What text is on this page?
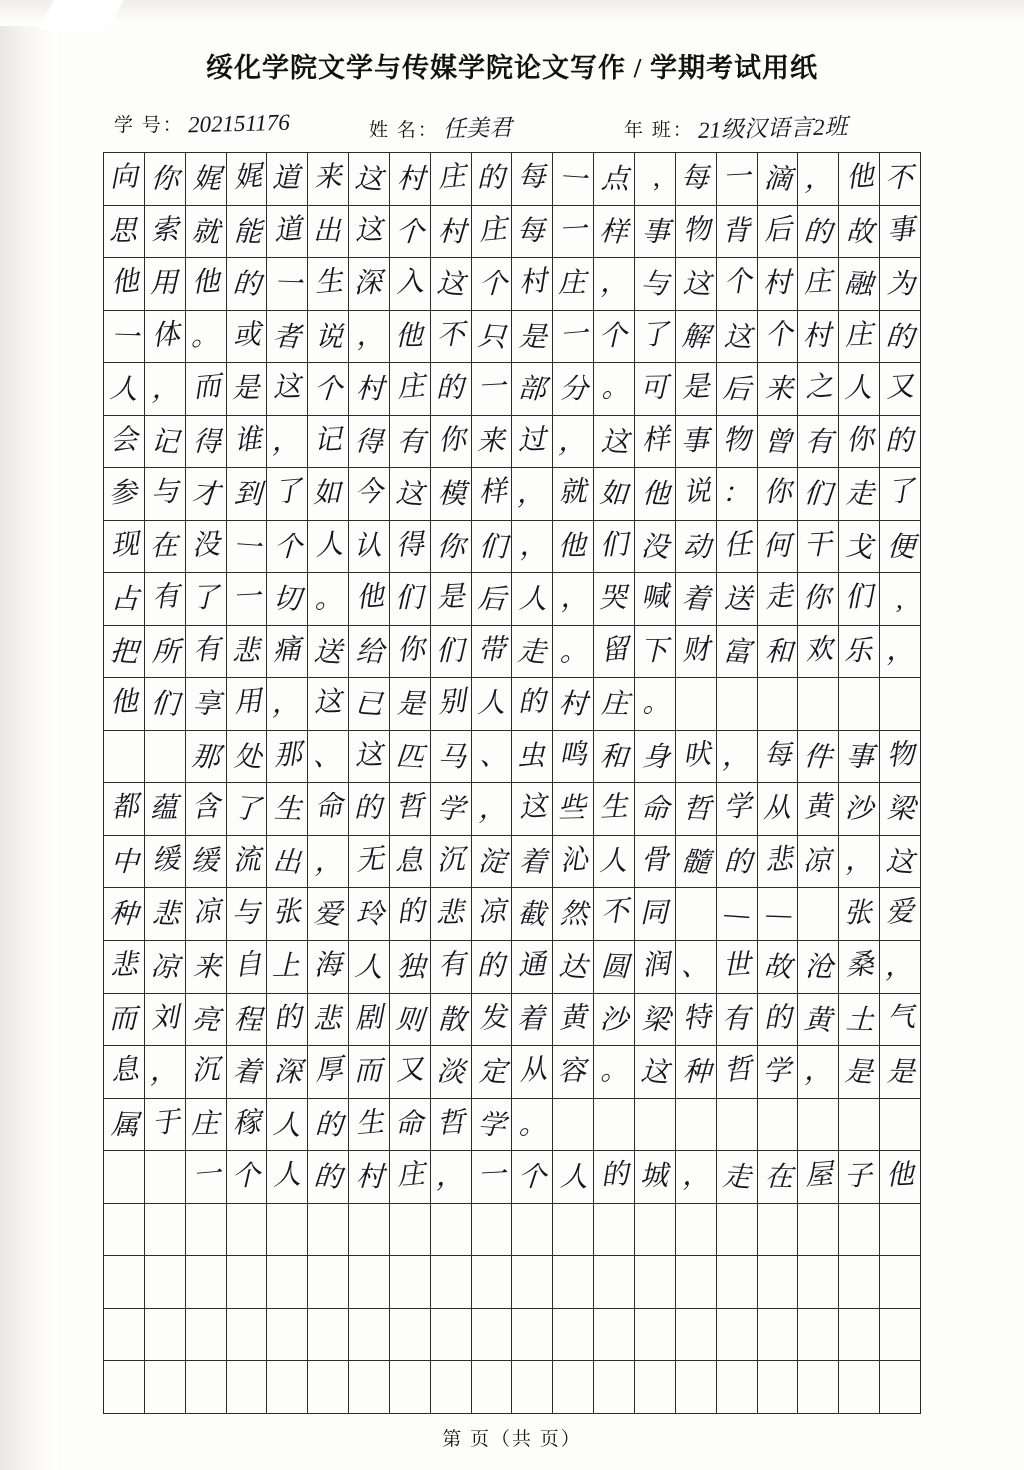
绥化学院文学与传媒学院论文写作 / 学期考试用纸
学 号： 202151176	姓 名： 任美君	年 班： 21级汉语言2班
向	你	娓	娓	道	来	这	村	庄	的	每	一	点	,	每	一	滴	，	他	不

思	索	就	能	道	出	这	个	村	庄	每	一	样	事	物	背	后	的	故	事

他	用	他	的	一	生	深	入	这	个	村	庄	，	与	这	个	村	庄	融	为

一	体	。	或	者	说	，	他	不	只	是	一	个	了	解	这	个	村	庄	的

人	，	而	是	这	个	村	庄	的	一	部	分	。	可	是	后	来	之	人	又

会	记	得	谁	，	记	得	有	你	来	过	，	这	样	事	物	曾	有	你	的

参	与	才	到	了	如	今	这	模	样	，	就	如	他	说	：	你	们	走	了

现	在	没	一	个	人	认	得	你	们	，	他	们	没	动	任	何	干	戈	便

占	有	了	一	切	。	他	们	是	后	人	，	哭	喊	着	送	走	你	们	,

把	所	有	悲	痛	送	给	你	们	带	走	。	留	下	财	富	和	欢	乐	，

他	们	享	用	，	这	已	是	别	人	的	村	庄	。						

那	处	那	、	这	匹	马	、	虫	鸣	和	身	吠	，	每	件	事	物

都	蕴	含	了	生	命	的	哲	学	，	这	些	生	命	哲	学	从	黄	沙	梁

中	缓	缓	流	出	，	无	息	沉	淀	着	沁	人	骨	髓	的	悲	凉	，	这

种	悲	凉	与	张	爱	玲	的	悲	凉	截	然	不	同		—	—		张	爱

悲	凉	来	自	上	海	人	独	有	的	通	达	圆	润	、	世	故	沧	桑	，

而	刘	亮	程	的	悲	剧	则	散	发	着	黄	沙	梁	特	有	的	黄	土	气

息	，	沉	着	深	厚	而	又	淡	定	从	容	。	这	种	哲	学	，	是	是

属	于	庄	稼	人	的	生	命	哲	学	。									

一	个	人	的	村	庄	，	一	个	人	的	城	，	走	在	屋	子	他

第 页（共 页）
